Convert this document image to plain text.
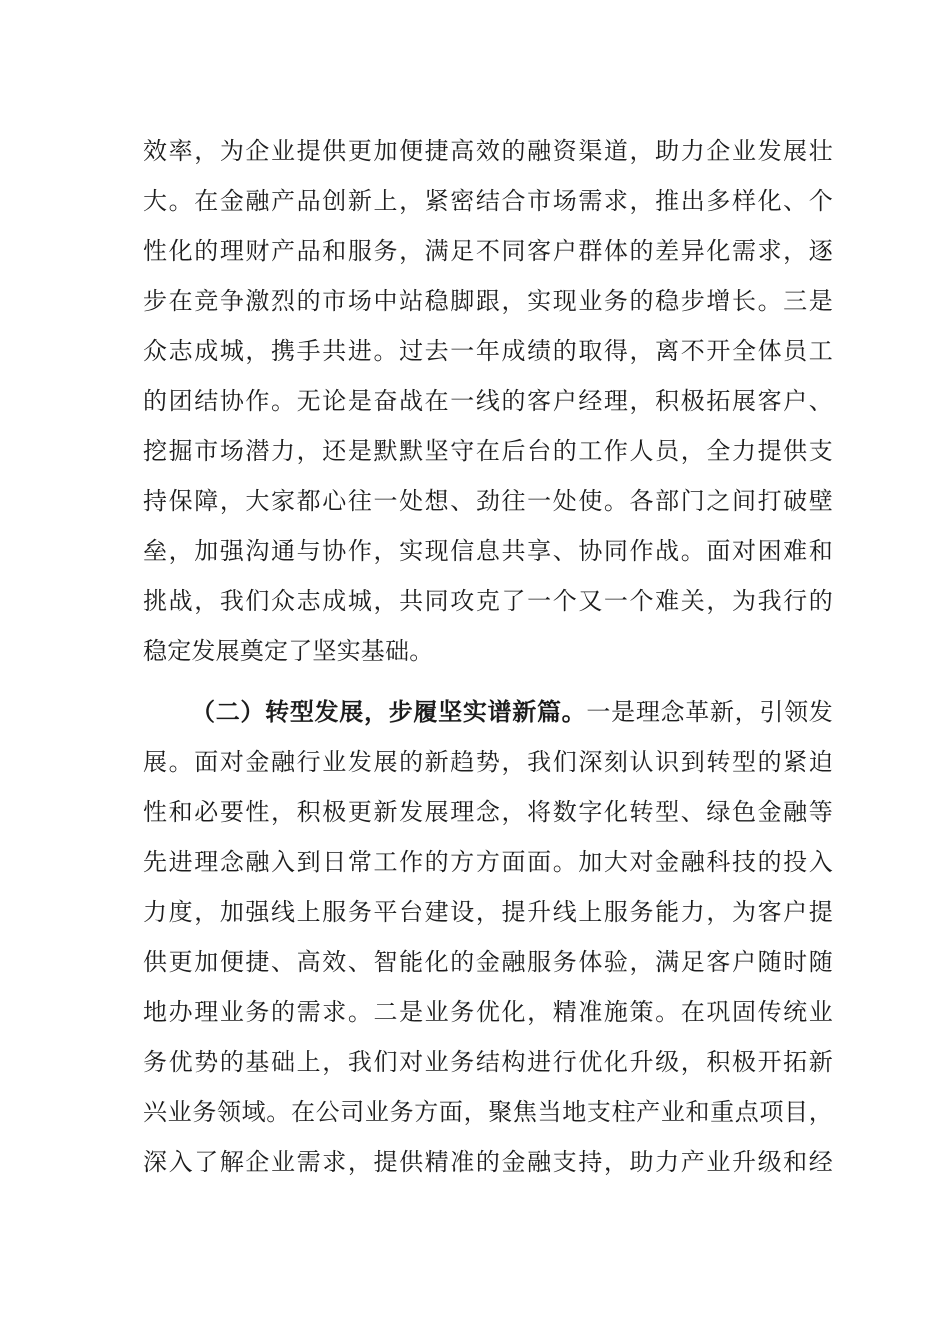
效率，为企业提供更加便捷高效的融资渠道，助力企业发展壮

大。在金融产品创新上，紧密结合市场需求，推出多样化、个

性化的理财产品和服务，满足不同客户群体的差异化需求，逐

步在竞争激烈的市场中站稳脚跟，实现业务的稳步增长。三是

众志成城，携手共进。过去一年成绩的取得，离不开全体员工

的团结协作。无论是奋战在一线的客户经理，积极拓展客户、

挖掘市场潜力，还是默默坚守在后台的工作人员，全力提供支

持保障，大家都心往一处想、劲往一处使。各部门之间打破壁

垒，加强沟通与协作，实现信息共享、协同作战。面对困难和

挑战，我们众志成城，共同攻克了一个又一个难关，为我行的

稳定发展奠定了坚实基础。

（二）转型发展，步履坚实谱新篇。一是理念革新，引领发

展。面对金融行业发展的新趋势，我们深刻认识到转型的紧迫

性和必要性，积极更新发展理念，将数字化转型、绿色金融等

先进理念融入到日常工作的方方面面。加大对金融科技的投入

力度，加强线上服务平台建设，提升线上服务能力，为客户提

供更加便捷、高效、智能化的金融服务体验，满足客户随时随

地办理业务的需求。二是业务优化，精准施策。在巩固传统业

务优势的基础上，我们对业务结构进行优化升级，积极开拓新

兴业务领域。在公司业务方面，聚焦当地支柱产业和重点项目，

深入了解企业需求，提供精准的金融支持，助力产业升级和经
